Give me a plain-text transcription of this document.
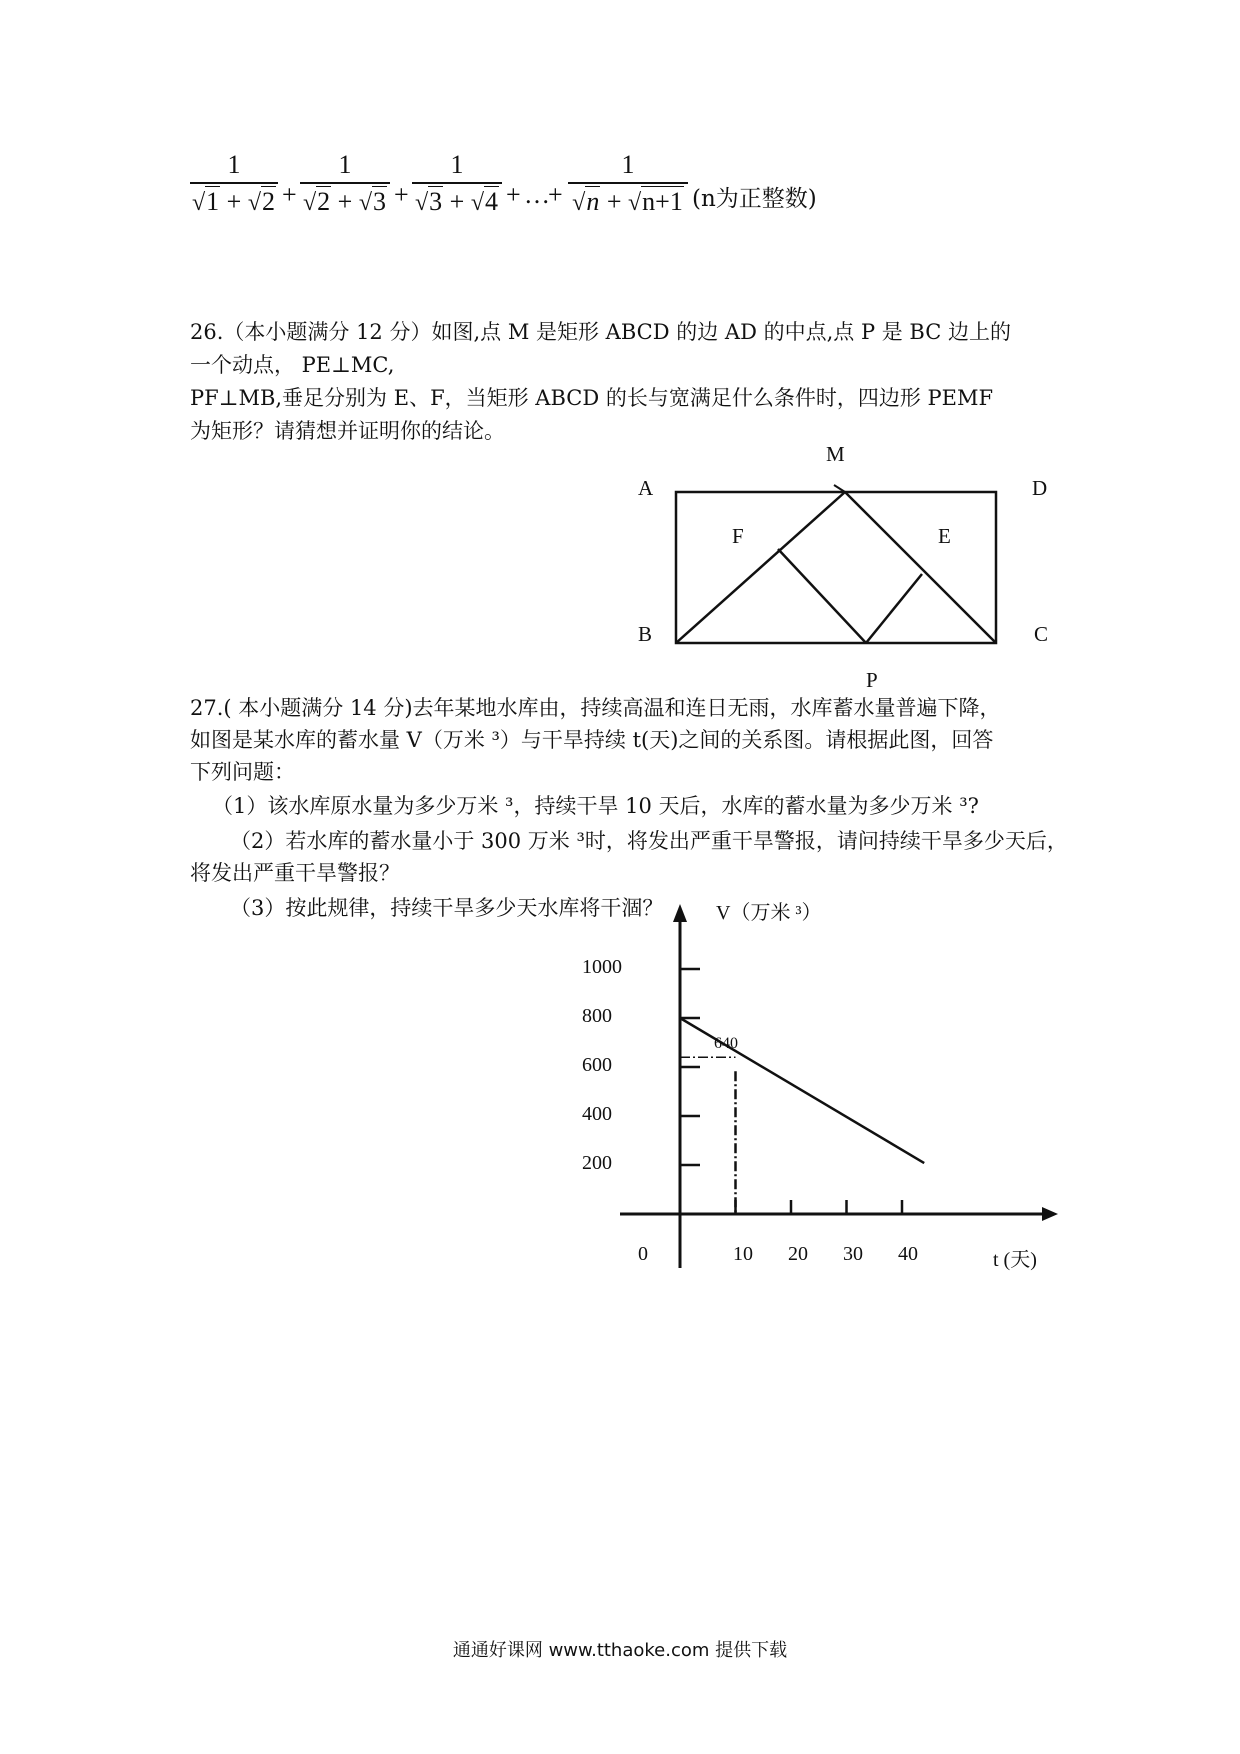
1
√1 + √2 +
1
√2 + √3 +
1
√3 + √4 + …
+
1
√n + √n+1 (n为正整数)
26.（本小题满分 12 分）如图,点 M 是矩形 ABCD 的边 AD 的中点,点 P 是 BC 边上的
一个动点， PE⊥MC,
PF⊥MB,垂足分别为 E、F，当矩形 ABCD 的长与宽满足什么条件时，四边形 PEMF
为矩形？请猜想并证明你的结论。
M
A	D
F	E
B	C
P
27.( 本小题满分 14 分)去年某地水库由，持续高温和连日无雨，水库蓄水量普遍下降，
如图是某水库的蓄水量 V（万米 ³）与干旱持续 t(天)之间的关系图。请根据此图，回答
下列问题：
（1）该水库原水量为多少万米 ³，持续干旱 10 天后，水库的蓄水量为多少万米 ³?
（2）若水库的蓄水量小于 300 万米 ³时，将发出严重干旱警报，请问持续干旱多少天后，
将发出严重干旱警报？
（3）按此规律，持续干旱多少天水库将干涸？	V（万米 ³）
t (天)
1000
800
600
400
200
0	10 20 30 40
640
通通好课网 www.tthaoke.com 提供下载
